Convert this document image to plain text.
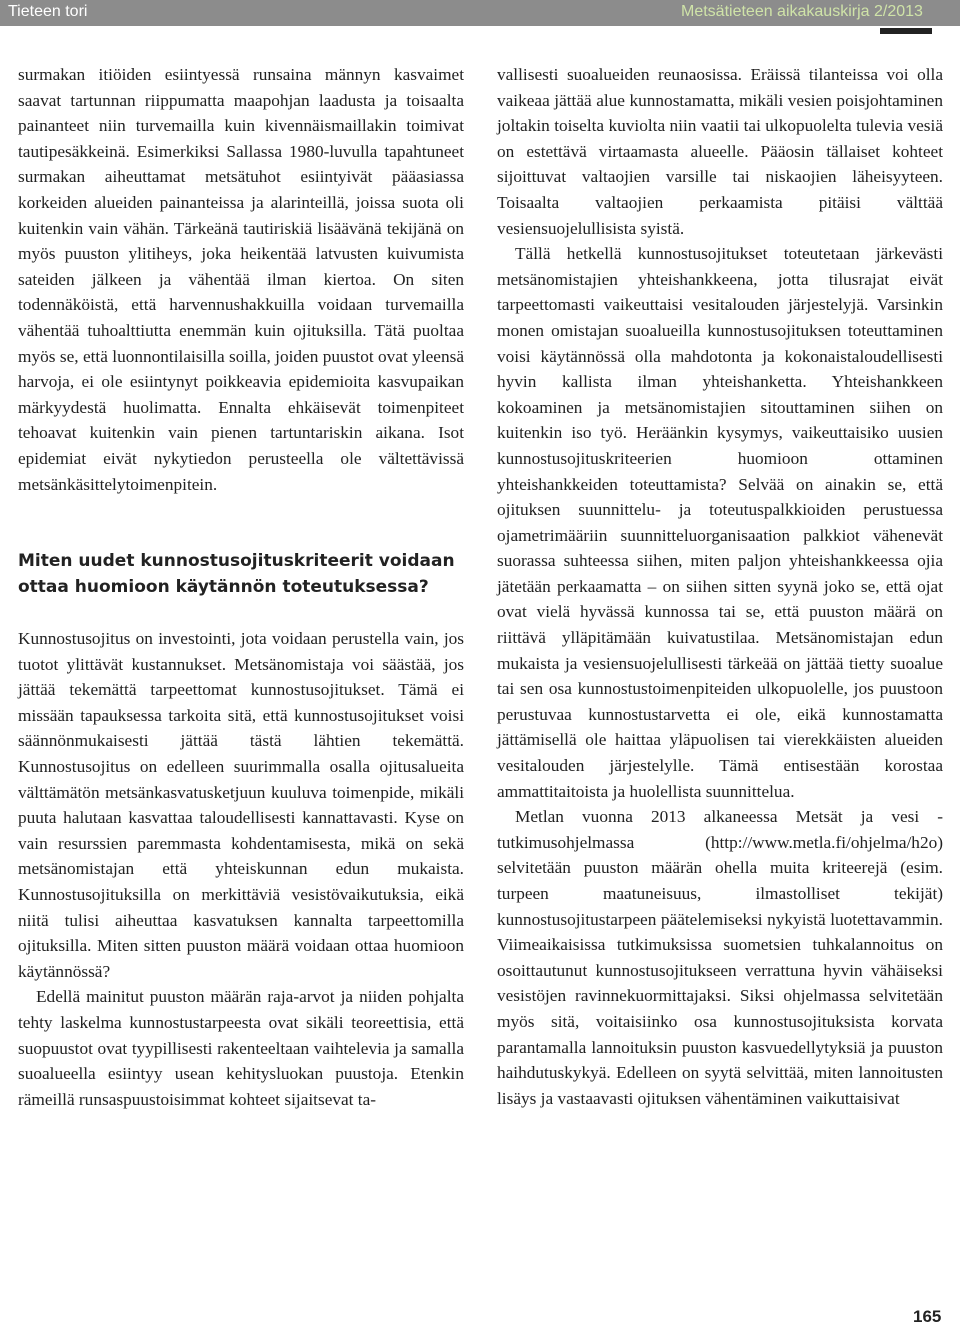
Tieteen tori	Metsätieteen aikakauskirja 2/2013

surmakan itiöiden esiintyessä runsaina männyn kasvaimet saavat tartunnan riippumatta maapohjan laadusta ja toisaalta painanteet niin turvemailla kuin kivennäismaillakin toimivat tautipesäkkeinä. Esimerkiksi Sallassa 1980-luvulla tapahtuneet surmakan aiheuttamat metsätuhot esiintyivät pääasiassa korkeiden alueiden painanteissa ja alarinteillä, joissa suota oli kuitenkin vain vähän. Tärkeänä tautiriskiä lisäävänä tekijänä on myös puuston ylitiheys, joka heikentää latvusten kuivumista sateiden jälkeen ja vähentää ilman kiertoa. On siten todennäköistä, että harvennushakkuilla voidaan turvemailla vähentää tuhoalttiutta enemmän kuin ojituksilla. Tätä puoltaa myös se, että luonnontilaisilla soilla, joiden puustot ovat yleensä harvoja, ei ole esiintynyt poikkeavia epidemioita kasvupaikan märkyydestä huolimatta. Ennalta ehkäisevät toimenpiteet tehoavat kuitenkin vain pienen tartuntariskin aikana. Isot epidemiat eivät nykytiedon perusteella ole vältettävissä metsänkäsittelytoimenpitein.

Miten uudet kunnostusojituskriteerit voidaan ottaa huomioon käytännön toteutuksessa?

Kunnostusojitus on investointi, jota voidaan perustella vain, jos tuotot ylittävät kustannukset. Metsänomistaja voi säästää, jos jättää tekemättä tarpeettomat kunnostusojitukset. Tämä ei missään tapauksessa tarkoita sitä, että kunnostusojitukset voisi säännönmukaisesti jättää tästä lähtien tekemättä. Kunnostusojitus on edelleen suurimmalla osalla ojitusalueita välttämätön metsänkasvatusketjuun kuuluva toimenpide, mikäli puuta halutaan kasvattaa taloudellisesti kannattavasti. Kyse on vain resurssien paremmasta kohdentamisesta, mikä on sekä metsänomistajan että yhteiskunnan edun mukaista. Kunnostusojituksilla on merkittäviä vesistövaikutuksia, eikä niitä tulisi aiheuttaa kasvatuksen kannalta tarpeettomilla ojituksilla. Miten sitten puuston määrä voidaan ottaa huomioon käytännössä?

Edellä mainitut puuston määrän raja-arvot ja niiden pohjalta tehty laskelma kunnostustarpeesta ovat sikäli teoreettisia, että suopuustot ovat tyypillisesti rakenteeltaan vaihtelevia ja samalla suoalueella esiintyy usean kehitysluokan puustoja. Etenkin rämeillä runsaspuustoisimmat kohteet sijaitsevat ta-

vallisesti suoalueiden reunaosissa. Eräissä tilanteissa voi olla vaikeaa jättää alue kunnostamatta, mikäli vesien poisjohtaminen joltakin toiselta kuviolta niin vaatii tai ulkopuolelta tulevia vesiä on estettävä virtaamasta alueelle. Pääosin tällaiset kohteet sijoittuvat valtaojien varsille tai niskaojien läheisyyteen. Toisaalta valtaojien perkaamista pitäisi välttää vesiensuojelullisista syistä.

Tällä hetkellä kunnostusojitukset toteutetaan järkevästi metsänomistajien yhteishankkeena, jotta tilusrajat eivät tarpeettomasti vaikeuttaisi vesitalouden järjestelyjä. Varsinkin monen omistajan suoalueilla kunnostusojituksen toteuttaminen voisi käytännössä olla mahdotonta ja kokonaistaloudellisesti hyvin kallista ilman yhteishanketta. Yhteishankkeen kokoaminen ja metsänomistajien sitouttaminen siihen on kuitenkin iso työ. Heräänkin kysymys, vaikeuttaisiko uusien kunnostusojituskriteerien huomioon ottaminen yhteishankkeiden toteuttamista? Selvää on ainakin se, että ojituksen suunnittelu- ja toteutuspalkkioiden perustuessa ojametrimääriin suunnitteluorganisaation palkkiot vähenevät suorassa suhteessa siihen, miten paljon yhteishankkeessa ojia jätetään perkaamatta – on siihen sitten syynä joko se, että ojat ovat vielä hyvässä kunnossa tai se, että puuston määrä on riittävä ylläpitämään kuivatustilaa. Metsänomistajan edun mukaista ja vesiensuojelullisesti tärkeää on jättää tietty suoalue tai sen osa kunnostustoimenpiteiden ulkopuolelle, jos puustoon perustuvaa kunnostustarvetta ei ole, eikä kunnostamatta jättämisellä ole haittaa yläpuolisen tai vierekkäisten alueiden vesitalouden järjestelylle. Tämä entisestään korostaa ammattitaitoista ja huolellista suunnittelua.

Metlan vuonna 2013 alkaneessa Metsät ja vesi -tutkimusohjelmassa (http://www.metla.fi/ohjelma/h2o) selvitetään puuston määrän ohella muita kriteerejä (esim. turpeen maatuneisuus, ilmastolliset tekijät) kunnostusojitustarpeen päätelemiseksi nykyistä luotettavammin. Viimeaikaisissa tutkimuksissa suometsien tuhkalannoitus on osoittautunut kunnostusojitukseen verrattuna hyvin vähäiseksi vesistöjen ravinnekuormittajaksi. Siksi ohjelmassa selvitetään myös sitä, voitaisiinko osa kunnostusojituksista korvata parantamalla lannoituksin puuston kasvuedellytyksiä ja puuston haihdutuskykyä. Edelleen on syytä selvittää, miten lannoitusten lisäys ja vastaavasti ojituksen vähentäminen vaikuttaisivat

165
